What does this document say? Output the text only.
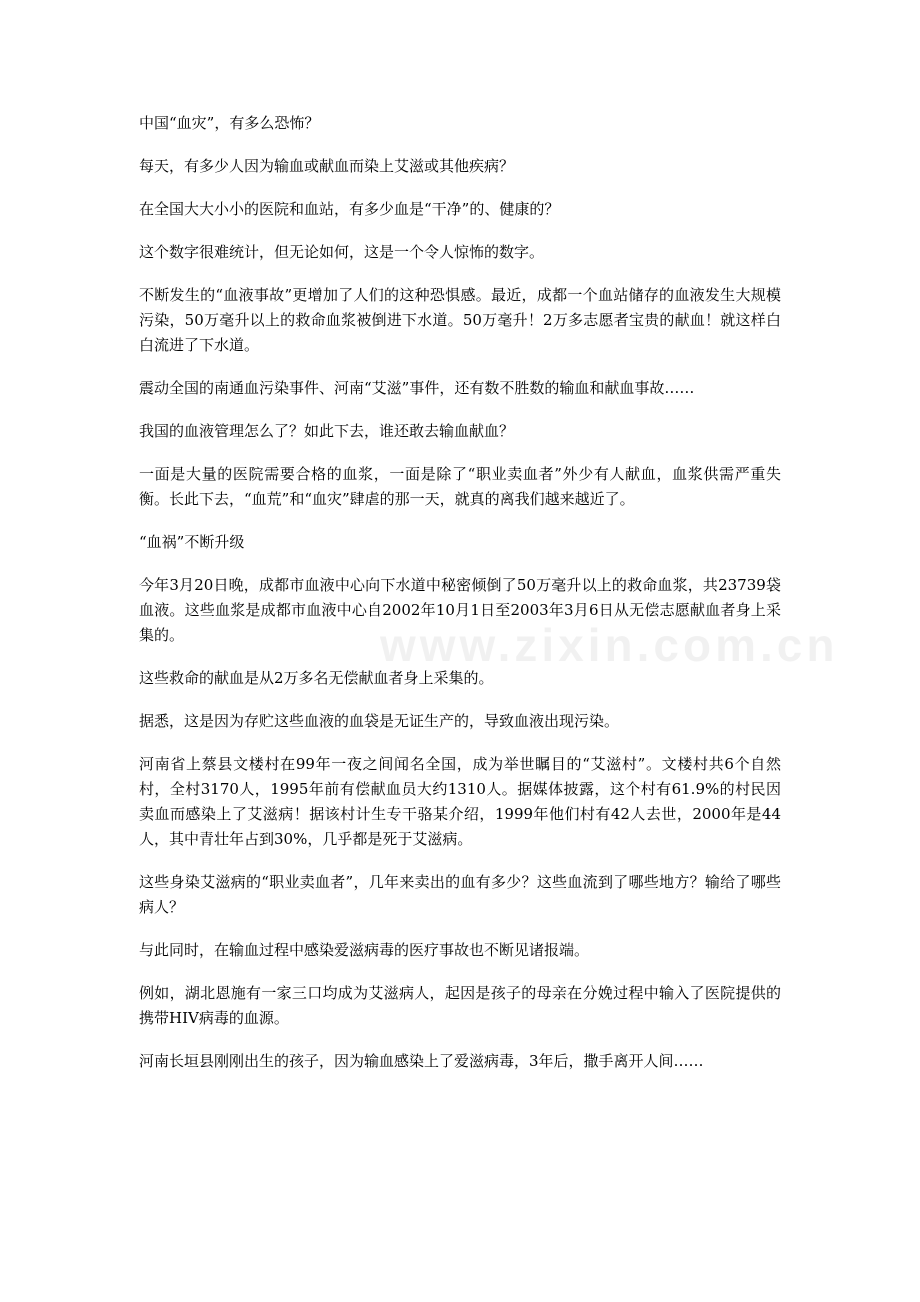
中国“血灾”，有多么恐怖？

每天，有多少人因为输血或献血而染上艾滋或其他疾病？

在全国大大小小的医院和血站，有多少血是“干净”的、健康的？

这个数字很难统计，但无论如何，这是一个令人惊怖的数字。

不断发生的“血液事故”更增加了人们的这种恐惧感。最近，成都一个血站储存的血液发生大规模污染，50万毫升以上的救命血浆被倒进下水道。50万毫升！2万多志愿者宝贵的献血！就这样白白流进了下水道。

震动全国的南通血污染事件、河南“艾滋”事件，还有数不胜数的输血和献血事故……

我国的血液管理怎么了？如此下去，谁还敢去输血献血？

一面是大量的医院需要合格的血浆，一面是除了“职业卖血者”外少有人献血，血浆供需严重失衡。长此下去，“血荒”和“血灾”肆虐的那一天，就真的离我们越来越近了。

“血祸”不断升级

今年3月20日晚，成都市血液中心向下水道中秘密倾倒了50万毫升以上的救命血浆，共23739袋血液。这些血浆是成都市血液中心自2002年10月1日至2003年3月6日从无偿志愿献血者身上采集的。

这些救命的献血是从2万多名无偿献血者身上采集的。

据悉，这是因为存贮这些血液的血袋是无证生产的，导致血液出现污染。

河南省上蔡县文楼村在99年一夜之间闻名全国，成为举世瞩目的“艾滋村”。文楼村共6个自然村，全村3170人，1995年前有偿献血员大约1310人。据媒体披露，这个村有61.9%的村民因卖血而感染上了艾滋病！据该村计生专干骆某介绍，1999年他们村有42人去世，2000年是44人，其中青壮年占到30%，几乎都是死于艾滋病。

这些身染艾滋病的“职业卖血者”，几年来卖出的血有多少？这些血流到了哪些地方？输给了哪些病人？

与此同时，在输血过程中感染爱滋病毒的医疗事故也不断见诸报端。

例如，湖北恩施有一家三口均成为艾滋病人，起因是孩子的母亲在分娩过程中输入了医院提供的携带HIV病毒的血源。

河南长垣县刚刚出生的孩子，因为输血感染上了爱滋病毒，3年后，撒手离开人间……

www.zixin.com.cn
